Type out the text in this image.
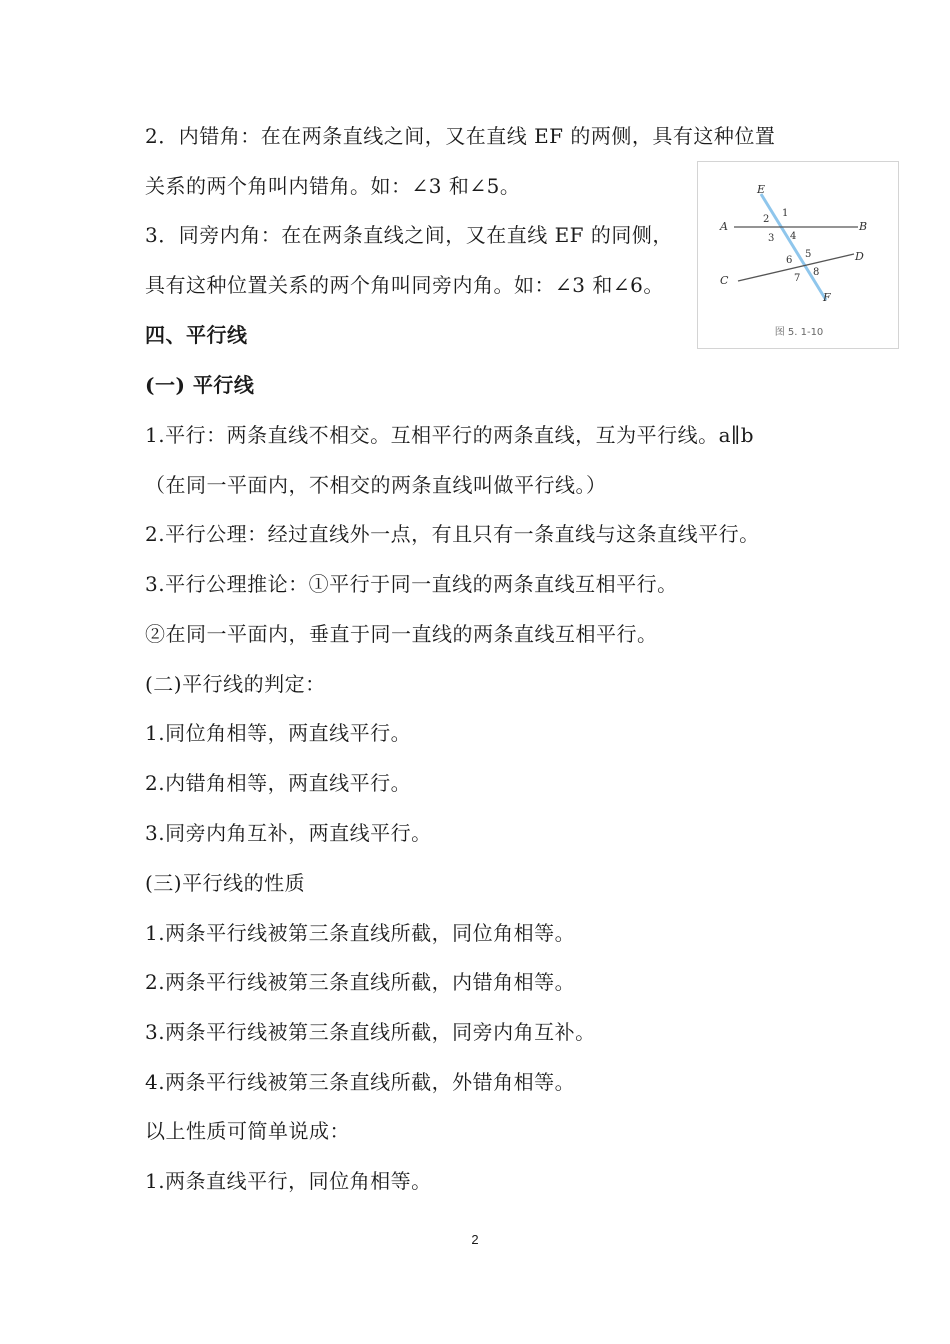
2．内错角：在在两条直线之间，又在直线 EF 的两侧，具有这种位置
关系的两个角叫内错角。如：∠3 和∠5。
3．同旁内角：在在两条直线之间，又在直线 EF 的同侧，
具有这种位置关系的两个角叫同旁内角。如：∠3 和∠6。
四、平行线
(一) 平行线
1.平行：两条直线不相交。互相平行的两条直线，互为平行线。a∥b
（在同一平面内，不相交的两条直线叫做平行线。）
2.平行公理：经过直线外一点，有且只有一条直线与这条直线平行。
3.平行公理推论：①平行于同一直线的两条直线互相平行。
②在同一平面内，垂直于同一直线的两条直线互相平行。
(二)平行线的判定：
1.同位角相等，两直线平行。
2.内错角相等，两直线平行。
3.同旁内角互补，两直线平行。
(三)平行线的性质
1.两条平行线被第三条直线所截，同位角相等。
2.两条平行线被第三条直线所截，内错角相等。
3.两条平行线被第三条直线所截，同旁内角互补。
4.两条平行线被第三条直线所截，外错角相等。
以上性质可简单说成：
1.两条直线平行，同位角相等。
E
F
A	B
C
D
1
2
3 4
5
6
7
8
图 5. 1-10
2
